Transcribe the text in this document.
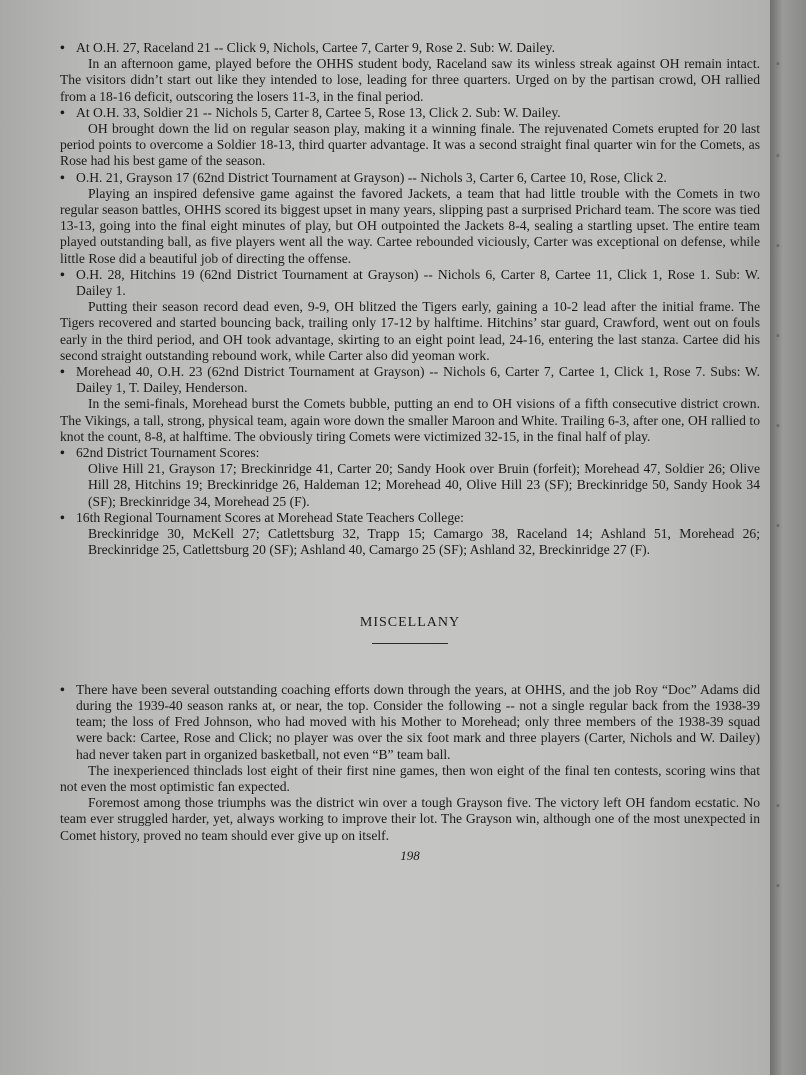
• At O.H. 27, Raceland 21 -- Click 9, Nichols, Cartee 7, Carter 9, Rose 2. Sub: W. Dailey.

In an afternoon game, played before the OHHS student body, Raceland saw its winless streak against OH remain intact. The visitors didn’t start out like they intended to lose, leading for three quarters. Urged on by the partisan crowd, OH rallied from a 18-16 deficit, outscoring the losers 11-3, in the final period.

• At O.H. 33, Soldier 21 -- Nichols 5, Carter 8, Cartee 5, Rose 13, Click 2. Sub: W. Dailey.

OH brought down the lid on regular season play, making it a winning finale. The rejuvenated Comets erupted for 20 last period points to overcome a Soldier 18-13, third quarter advantage. It was a second straight final quarter win for the Comets, as Rose had his best game of the season.

• O.H. 21, Grayson 17 (62nd District Tournament at Grayson) -- Nichols 3, Carter 6, Cartee 10, Rose, Click 2.

Playing an inspired defensive game against the favored Jackets, a team that had little trouble with the Comets in two regular season battles, OHHS scored its biggest upset in many years, slipping past a surprised Prichard team. The score was tied 13-13, going into the final eight minutes of play, but OH outpointed the Jackets 8-4, sealing a startling upset. The entire team played outstanding ball, as five players went all the way. Cartee rebounded viciously, Carter was exceptional on defense, while little Rose did a beautiful job of directing the offense.

• O.H. 28, Hitchins 19 (62nd District Tournament at Grayson) -- Nichols 6, Carter 8, Cartee 11, Click 1, Rose 1. Sub: W. Dailey 1.

Putting their season record dead even, 9-9, OH blitzed the Tigers early, gaining a 10-2 lead after the initial frame. The Tigers recovered and started bouncing back, trailing only 17-12 by halftime. Hitchins’ star guard, Crawford, went out on fouls early in the third period, and OH took advantage, skirting to an eight point lead, 24-16, entering the last stanza. Cartee did his second straight outstanding rebound work, while Carter also did yeoman work.

• Morehead 40, O.H. 23 (62nd District Tournament at Grayson) -- Nichols 6, Carter 7, Cartee 1, Click 1, Rose 7. Subs: W. Dailey 1, T. Dailey, Henderson.

In the semi-finals, Morehead burst the Comets bubble, putting an end to OH visions of a fifth consecutive district crown. The Vikings, a tall, strong, physical team, again wore down the smaller Maroon and White. Trailing 6-3, after one, OH rallied to knot the count, 8-8, at halftime. The obviously tiring Comets were victimized 32-15, in the final half of play.

• 62nd District Tournament Scores:

Olive Hill 21, Grayson 17; Breckinridge 41, Carter 20; Sandy Hook over Bruin (forfeit); Morehead 47, Soldier 26; Olive Hill 28, Hitchins 19; Breckinridge 26, Haldeman 12; Morehead 40, Olive Hill 23 (SF); Breckinridge 50, Sandy Hook 34 (SF); Breckinridge 34, Morehead 25 (F).

• 16th Regional Tournament Scores at Morehead State Teachers College:

Breckinridge 30, McKell 27; Catlettsburg 32, Trapp 15; Camargo 38, Raceland 14; Ashland 51, Morehead 26; Breckinridge 25, Catlettsburg 20 (SF); Ashland 40, Camargo 25 (SF); Ashland 32, Breckinridge 27 (F).

MISCELLANY

• There have been several outstanding coaching efforts down through the years, at OHHS, and the job Roy “Doc” Adams did during the 1939-40 season ranks at, or near, the top. Consider the following -- not a single regular back from the 1938-39 team; the loss of Fred Johnson, who had moved with his Mother to Morehead; only three members of the 1938-39 squad were back: Cartee, Rose and Click; no player was over the six foot mark and three players (Carter, Nichols and W. Dailey) had never taken part in organized basketball, not even “B” team ball.

The inexperienced thinclads lost eight of their first nine games, then won eight of the final ten contests, scoring wins that not even the most optimistic fan expected.

Foremost among those triumphs was the district win over a tough Grayson five. The victory left OH fandom ecstatic. No team ever struggled harder, yet, always working to improve their lot. The Grayson win, although one of the most unexpected in Comet history, proved no team should ever give up on itself.

198
▪
▪
▪
▪
▪
▪
▪
▪
